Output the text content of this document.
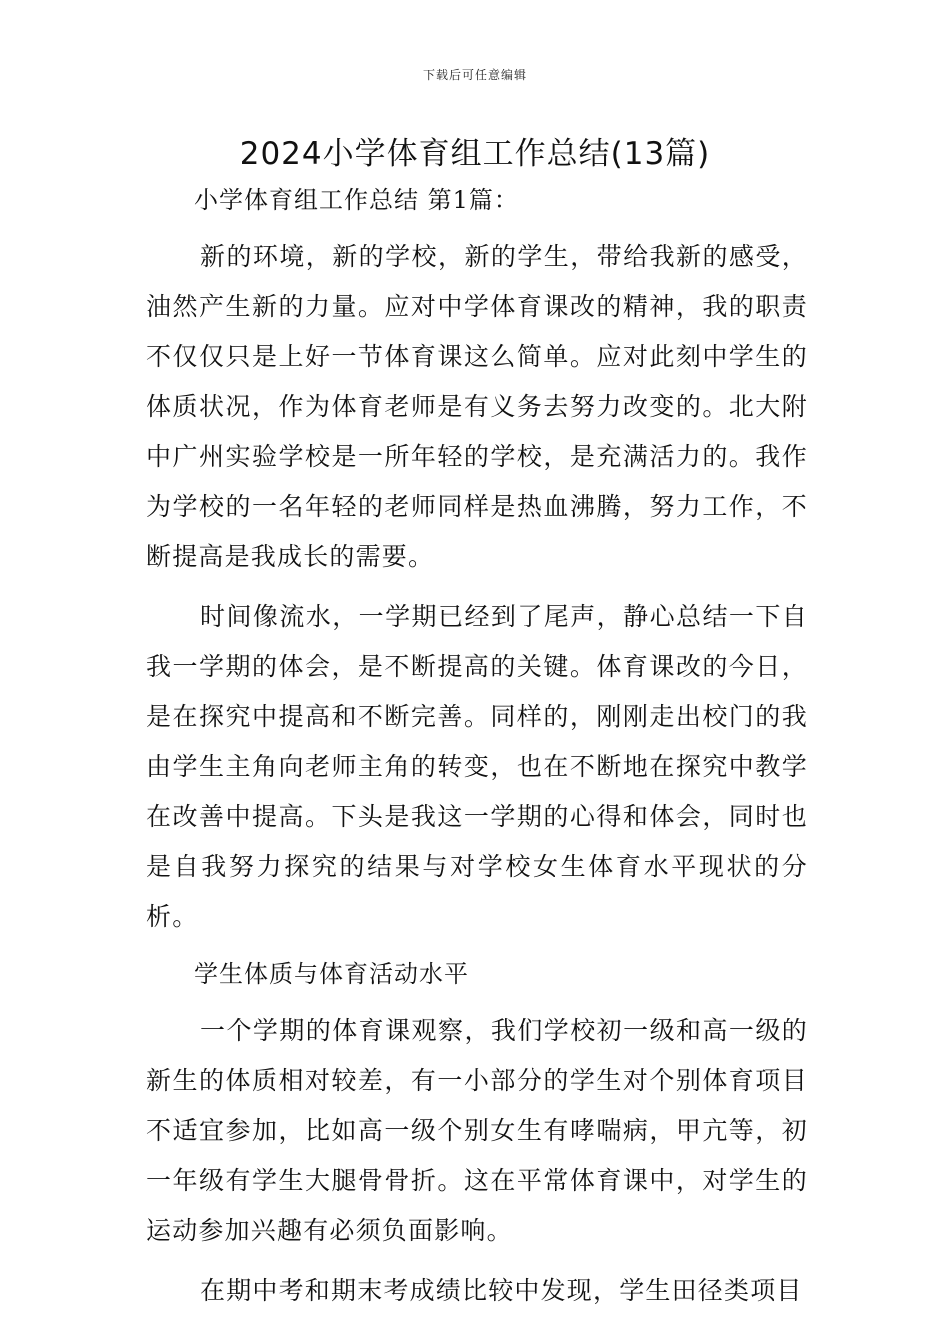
下载后可任意编辑
2024小学体育组工作总结(13篇)

小学体育组工作总结 第1篇：

新的环境，新的学校，新的学生，带给我新的感受，油然产生新的力量。应对中学体育课改的精神，我的职责不仅仅只是上好一节体育课这么简单。应对此刻中学生的体质状况，作为体育老师是有义务去努力改变的。北大附中广州实验学校是一所年轻的学校，是充满活力的。我作为学校的一名年轻的老师同样是热血沸腾，努力工作，不断提高是我成长的需要。

时间像流水，一学期已经到了尾声，静心总结一下自我一学期的体会，是不断提高的关键。体育课改的今日，是在探究中提高和不断完善。同样的，刚刚走出校门的我由学生主角向老师主角的转变，也在不断地在探究中教学在改善中提高。下头是我这一学期的心得和体会，同时也是自我努力探究的结果与对学校女生体育水平现状的分析。

学生体质与体育活动水平

一个学期的体育课观察，我们学校初一级和高一级的新生的体质相对较差，有一小部分的学生对个别体育项目不适宜参加，比如高一级个别女生有哮喘病，甲亢等，初一年级有学生大腿骨骨折。这在平常体育课中，对学生的运动参加兴趣有必须负面影响。

在期中考和期末考成绩比较中发现，学生田径类项目
